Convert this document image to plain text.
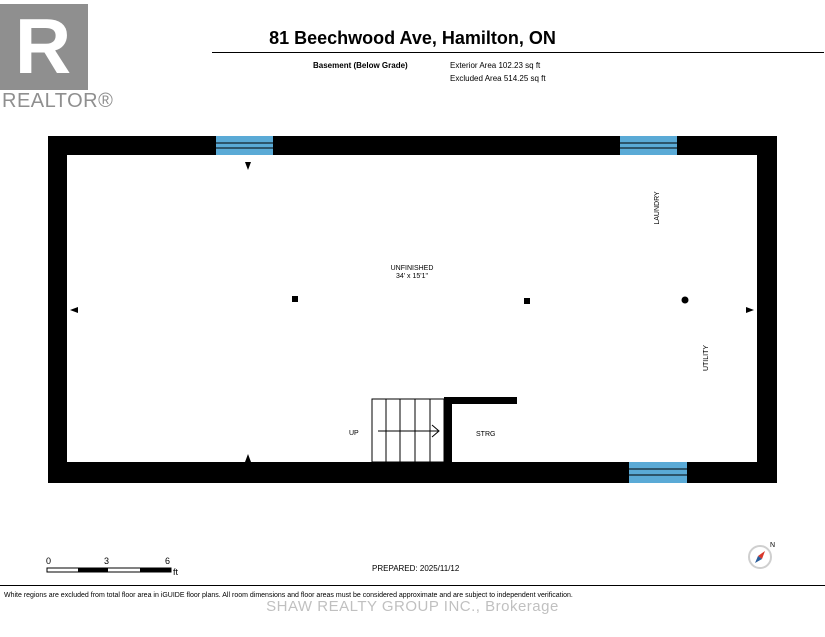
R
REALTOR®
81 Beechwood Ave, Hamilton, ON
Basement (Below Grade)	Exterior Area 102.23 sq ft
Excluded Area 514.25 sq ft
UNFINISHED
34' x 15'1"
LAUNDRY
UTILITY
STRG
UP
N
0	3	6
ft	PREPARED: 2025/11/12
White regions are excluded from total floor area in iGUIDE floor plans. All room dimensions and floor areas must be considered approximate and are subject to independent verification.
SHAW REALTY GROUP INC., Brokerage
